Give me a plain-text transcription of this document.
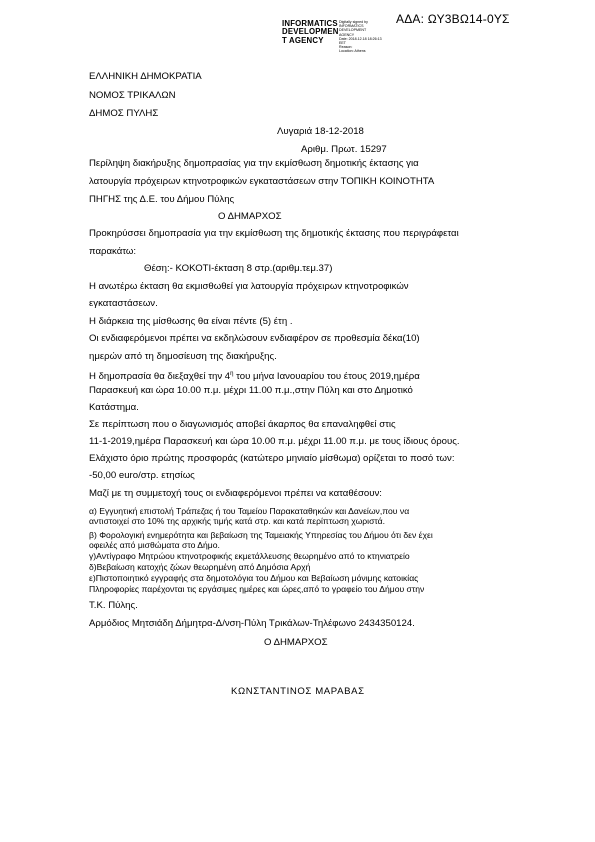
ΑΔΑ: ΩΥ3ΒΩ14-0ΥΣ
INFORMATICS
DEVELOPMEN
T AGENCY
Digitally signed by
INFORMATICS
DEVELOPMENT AGENCY
Date: 2018.12.18 18:26:13
EET
Reason:
Location: Athens
ΕΛΛΗΝΙΚΗ ΔΗΜΟΚΡΑΤΙΑ
ΝΟΜΟΣ ΤΡΙΚΑΛΩΝ
ΔΗΜΟΣ ΠΥΛΗΣ
Λυγαριά 18-12-2018
Αριθμ. Πρωτ. 15297
Περίληψη διακήρυξης δημοπρασίας για την εκμίσθωση δημοτικής έκτασης για
λατουργία πρόχειρων κτηνοτροφικών εγκαταστάσεων στην ΤΟΠΙΚΗ ΚΟΙΝΟΤΗΤΑ
ΠΗΓΗΣ της Δ.Ε. του Δήμου Πύλης
Ο ΔΗΜΑΡΧΟΣ
Προκηρύσσει δημοπρασία για την εκμίσθωση της δημοτικής έκτασης που περιγράφεται
παρακάτω:
Θέση:- ΚΟΚΟΤΙ-έκταση 8 στρ.(αριθμ.τεμ.37)
Η ανωτέρω έκταση θα εκμισθωθεί για λατουργία πρόχειρων κτηνοτροφικών
εγκαταστάσεων.
Η διάρκεια της μίσθωσης θα είναι πέντε (5) έτη .
Οι ενδιαφερόμενοι πρέπει να εκδηλώσουν ενδιαφέρον σε προθεσμία δέκα(10)
ημερών από τη δημοσίευση της διακήρυξης.
Η δημοπρασία θα διεξαχθεί την $4^\eta$ του μήνα Ιανουαρίου του έτους 2019,ημέρα
Παρασκευή και ώρα 10.00 π.μ. μέχρι 11.00 π.μ.,στην Πύλη και στο Δημοτικό
Κατάστημα.
Σε περίπτωση που ο διαγωνισμός αποβεί άκαρπος θα επαναληφθεί στις
11-1-2019,ημέρα Παρασκευή και ώρα 10.00 π.μ. μέχρι 11.00 π.μ. με τους ίδιους όρους.
Ελάχιστο όριο πρώτης προσφοράς (κατώτερο μηνιαίο μίσθωμα) ορίζεται το ποσό των:
-50,00 euro/στρ. ετησίως
Μαζί με τη συμμετοχή τους οι ενδιαφερόμενοι πρέπει να καταθέσουν:
α) Εγγυητική επιστολή Τράπεζας ή του Ταμείου Παρακαταθηκών και Δανείων,που να
αντιστοιχεί στο 10% της αρχικής τιμής κατά στρ. και κατά περίπτωση χωριστά.
β) Φορολογική ενημερότητα και βεβαίωση της Ταμειακής Υπηρεσίας του Δήμου ότι δεν έχει
οφειλές από μισθώματα στο Δήμο.
γ)Αντίγραφο Μητρώου κτηνοτροφικής εκμετάλλευσης θεωρημένο από το κτηνιατρείο
δ)Βεβαίωση κατοχής ζώων θεωρημένη από Δημόσια Αρχή
ε)Πιστοποιητικό εγγραφής στα δημοτολόγια του Δήμου και Βεβαίωση μόνιμης κατοικίας
Πληροφορίες παρέχονται τις εργάσιμες ημέρες και ώρες,από το γραφείο του Δήμου στην
Τ.Κ. Πύλης.
Αρμόδιος Μητσιάδη Δήμητρα-Δ/νση-Πύλη Τρικάλων-Τηλέφωνο 2434350124.
Ο ΔΗΜΑΡΧΟΣ
ΚΩΝΣΤΑΝΤΙΝΟΣ ΜΑΡΑΒΑΣ
